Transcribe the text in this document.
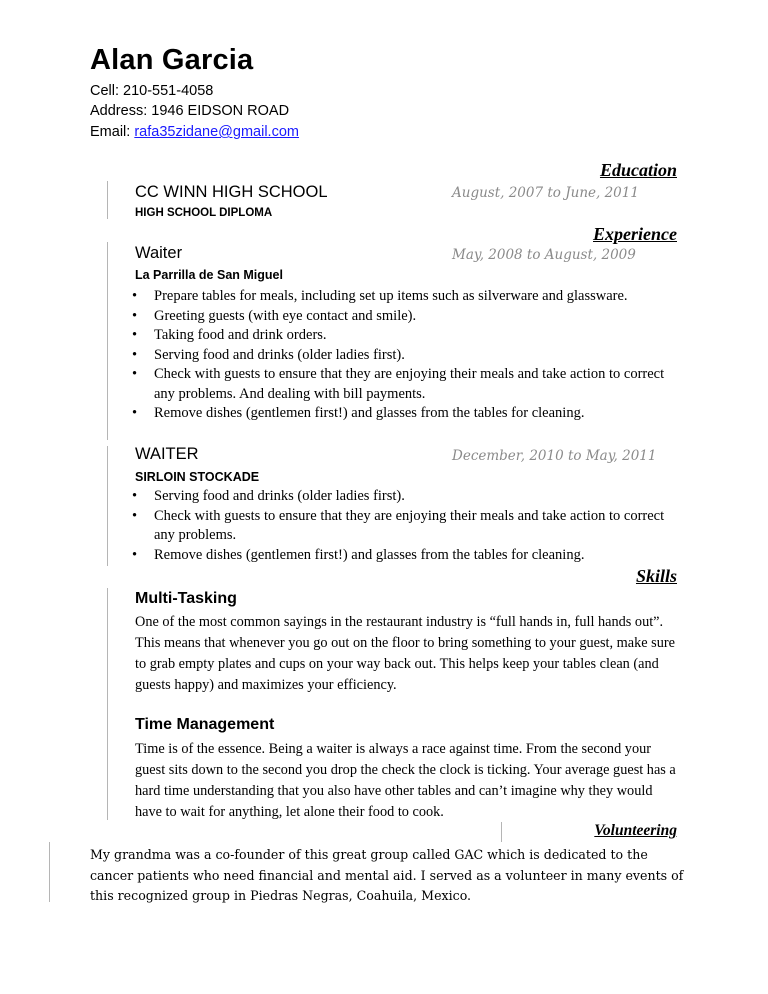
Alan Garcia
Cell: 210-551-4058
Address: 1946 EIDSON ROAD
Email: rafa35zidane@gmail.com
Education
CC WINN HIGH SCHOOL	August, 2007 to June, 2011
HIGH SCHOOL DIPLOMA
Experience
Waiter	May, 2008 to August, 2009
La Parrilla de San Miguel
• Prepare tables for meals, including set up items such as silverware and glassware.
• Greeting guests (with eye contact and smile).
• Taking food and drink orders.
• Serving food and drinks (older ladies first).
• Check with guests to ensure that they are enjoying their meals and take action to correct any problems. And dealing with bill payments.
• Remove dishes (gentlemen first!) and glasses from the tables for cleaning.
WAITER	December, 2010 to May, 2011
SIRLOIN STOCKADE
• Serving food and drinks (older ladies first).
• Check with guests to ensure that they are enjoying their meals and take action to correct any problems.
• Remove dishes (gentlemen first!) and glasses from the tables for cleaning.
Skills
Multi-Tasking
One of the most common sayings in the restaurant industry is “full hands in, full hands out”. This means that whenever you go out on the floor to bring something to your guest, make sure to grab empty plates and cups on your way back out. This helps keep your tables clean (and guests happy) and maximizes your efficiency.
Time Management
Time is of the essence. Being a waiter is always a race against time. From the second your guest sits down to the second you drop the check the clock is ticking. Your average guest has a hard time understanding that you also have other tables and can’t imagine why they would have to wait for anything, let alone their food to cook.
Volunteering
My grandma was a co-founder of this great group called GAC which is dedicated to the cancer patients who need financial and mental aid. I served as a volunteer in many events of this recognized group in Piedras Negras, Coahuila, Mexico.
